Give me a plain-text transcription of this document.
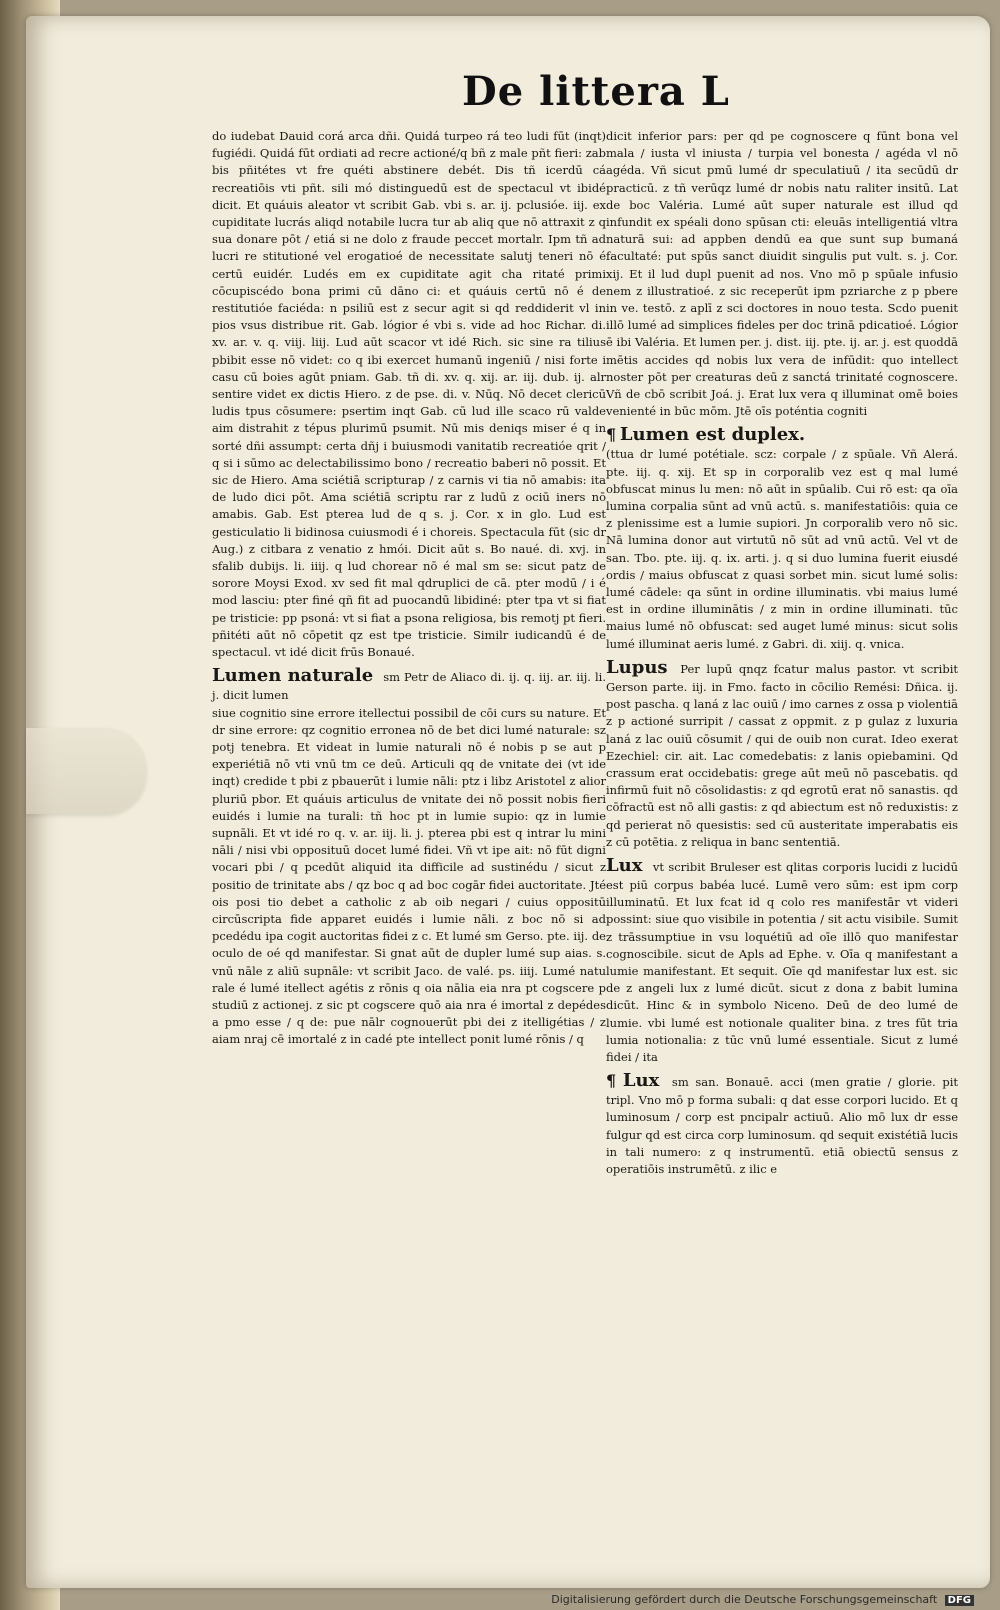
De littera L

do iudebat Dauid corá arca dñi. Quidá turpeo rá teo ludi fūt (inqt) fugiédi. Quidá fūt ordiati ad recre actioné/q bñ z male pñt fieri: zab bis pñitétes vt fre quéti abstinere debét. Dis tñ icerdū cá recreatiōis vti pñt. sili mó distinguedū est de spectacul vt ibidé dicit. Et quáuis aleator vt scribit Gab. vbi s. ar. ij. pclusióe. iij. ex cupiditate lucrás aliqd notabile lucra tur ab aliq que nō attraxit z q sua donare pōt / etiá si ne dolo z fraude peccet mortalr. Ipm tñ ad lucri re stitutioné vel erogatioé de necessitate salutj teneri nō é certū euidér. Ludés em ex cupiditate agit cha ritaté primi cōcupiscédo bona primi cū dāno ci: et quáuis certū nō é de restitutióe faciéda: n psiliū est z secur agit si qd reddiderit vl in pios vsus distribue rit. Gab. lógior é vbi s. vide ad hoc Richar. di. xv. ar. v. q. viij. liij. Lud aūt scacor vt idé Rich. sic sine ra tilius pbibit esse nō videt: co q ibi exercet humanū ingeniū / nisi forte i casu cū boies agūt pniam. Gab. tñ di. xv. q. xij. ar. iij. dub. ij. alr sentire videt ex dictis Hiero. z de pse. di. v. Nūq. Nō decet clericū ludis tpus cōsumere: psertim inqt Gab. cū lud ille scaco rū valde aim distrahit z tépus plurimū psumit. Nū mis deniqs miser é q in sorté dñi assumpt: certa dñj i buiusmodi vanitatib recreatióe qrit / q si i sūmo ac delectabilissimo bono / recreatio baberi nō possit. Et sic de Hiero. Ama sciétiā scripturap / z carnis vi tia nō amabis: ita de ludo dici pōt. Ama sciétiā scriptu rar z ludū z ociū iners nō amabis. Gab. Est pterea lud de q s. j. Cor. x in glo. Lud est gesticulatio li bidinosa cuiusmodi é i choreis. Spectacula fūt (sic dr Aug.) z citbara z venatio z hmói. Dicit aūt s. Bo naué. di. xvj. in sfalib dubijs. li. iiij. q lud chorear nō é mal sm se: sicut patz de sorore Moysi Exod. xv sed fit mal qdruplici de cā. pter modū / i é mod lasciu: pter finé qñ fit ad puocandū libidiné: pter tpa vt si fiat pe tristicie: pp psoná: vt si fiat a psona religiosa, bis remotj pt fieri. pñitéti aūt nō cōpetit qz est tpe tristicie. Similr iudicandū é de spectacul. vt idé dicit frūs Bonaué.

Lumen naturale sm Petr de Aliaco di. ij. q. iij. ar. iij. li. j. dicit lumen

siue cognitio sine errore itellectui possibil de cōi curs su nature. Et dr sine errore: qz cognitio erronea nō de bet dici lumé naturale: sz potj tenebra. Et videat in lumie naturali nō é nobis p se aut p experiétiā nō vti vnū tm ce deū. Articuli qq de vnitate dei (vt ide inqt) credide t pbi z pbauerūt i lumie nāli: ptz i libz Aristotel z alior pluriū pbor. Et quáuis articulus de vnitate dei nō possit nobis fieri euidés i lumie na turali: tñ hoc pt in lumie supio: qz in lumie supnāli. Et vt idé ro q. v. ar. iij. li. j. pterea pbi est q intrar lu mini nāli / nisi vbi opposituū docet lumé fidei. Vñ vt ipe ait: nō fūt digni vocari pbi / q pcedūt aliquid ita difficile ad sustinédu / sicut z positio de trinitate abs / qz boc q ad boc cogār fidei auctoritate. Jté ois posi tio debet a catholic z ab oib negari / cuius oppositū circūscripta fide apparet euidés i lumie nāli. z boc nō si ad pcedédu ipa cogit auctoritas fidei z c. Et lumé sm Gerso. pte. iij. de oculo de oé qd manifestar. Si gnat aūt de dupler lumé sup aias. s. vnū nāle z aliū supnāle: vt scribit Jaco. de valé. ps. iiij. Lumé natu rale é lumé itellect agétis z rōnis q oia nālia eia nra pt cogscere p studiū z actionej. z sic pt cogscere quō aia nra é imortal z depédes a pmo esse / q de: pue nālr cognouerūt pbi dei z itelligétias / z aiam nraj cē imortalé z in cadé pte intellect ponit lumé rōnis / q

dicit inferior pars: per qd pe cognoscere q fūnt bona vel mala / iusta vl iniusta / turpia vel bonesta / agéda vl nō agéda. Vñ sicut pmū lumé dr speculatiuū / ita secūdū dr practicū. z tñ verūqz lumé dr nobis natu raliter insitū. Lat de boc Valéria. Lumé aūt super naturale est illud qd infundit ex spéali dono spūsan cti: eleuās intelligentiá vltra naturā sui: ad appben dendū ea que sunt sup bumaná facultaté: put spūs sanct diuidit singulis put vult. s. j. Cor. xij. Et il lud dupl puenit ad nos. Vno mō p spūale infusio nem z illustratioé. z sic receperūt ipm pzriarche z p pbere in ve. testō. z aplī z sci doctores in nouo testa. Scdo puenit illō lumé ad simplices fideles per doc trinā pdicatioé. Lógior ē ibi Valéria. Et lumen per. j. dist. iij. pte. ij. ar. j. est quoddā mētis accides qd nobis lux vera de infūdit: quo intellect noster pōt per creaturas deū z sanctá trinitaté cognoscere. Vñ de cbō scribit Joá. j. Erat lux vera q illuminat omē boies venienté in būc mōm. Jtē oīs poténtia cogniti

¶ Lumen est duplex.

(ttua dr lumé potétiale. scz: corpale / z spūale. Vñ Alerá. pte. iij. q. xij. Et sp in corporalib vez est q mal lumé obfuscat minus lu men: nō aūt in spūalib. Cui rō est: qa oīa lumina corpalia sūnt ad vnū actū. s. manifestatiōis: quia ce z plenissime est a lumie supiori. Jn corporalib vero nō sic. Nā lumina donor aut virtutū nō sūt ad vnū actū. Vel vt de san. Tbo. pte. iij. q. ix. arti. j. q si duo lumina fuerit eiusdé ordis / maius obfuscat z quasi sorbet min. sicut lumé solis: lumé cādele: qa sūnt in ordine illuminatis. vbi maius lumé est in ordine illuminātis / z min in ordine illuminati. tūc maius lumé nō obfuscat: sed auget lumé minus: sicut solis lumé illuminat aeris lumé. z Gabri. di. xiij. q. vnica.

Lupus Per lupū qnqz fcatur malus pastor. vt scribit Gerson parte. iij. in Fmo. facto in cōcilio Remési: Dñica. ij. post pascha. q laná z lac ouiū / imo carnes z ossa p violentiā z p actioné surripit / cassat z oppmit. z p gulaz z luxuria laná z lac ouiū cōsumit / qui de ouib non curat. Ideo exerat Ezechiel: cir. ait. Lac comedebatis: z lanis opiebamini. Qd crassum erat occidebatis: grege aūt meū nō pascebatis. qd infirmū fuit nō cōsolidastis: z qd egrotū erat nō sanastis. qd cōfractū est nō alli gastis: z qd abiectum est nō reduxistis: z qd perierat nō quesistis: sed cū austeritate imperabatis eis z cū potētia. z reliqua in banc sententiā.

Lux vt scribit Bruleser est qlitas corporis lucidi z lucidū est piū corpus babéa lucé. Lumē vero sūm: est ipm corp illuminatū. Et lux fcat id q colo res manifestār vt videri possint: siue quo visibile in potentia / sit actu visibile. Sumit z trāssumptiue in vsu loquétiū ad oīe illō quo manifestar cognoscibile. sicut de Apls ad Ephe. v. Oīa q manifestant a lumie manifestant. Et sequit. Oīe qd manifestar lux est. sic de z angeli lux z lumé dicūt. sicut z dona z babit lumina dicūt. Hinc & in symbolo Niceno. Deū de deo lumé de lumie. vbi lumé est notionale qualiter bina. z tres fūt tria lumia notionalia: z tūc vnū lumé essentiale. Sicut z lumé fidei / ita

¶ Lux sm san. Bonauē. acci (men gratie / glorie. pit tripl. Vno mō p forma subali: q dat esse corpori lucido. Et q luminosum / corp est pncipalr actiuū. Alio mō lux dr esse fulgur qd est circa corp luminosum. qd sequit existétiā lucis in tali numero: z q instrumentū. etiā obiectū sensus z operatiōis instrumētū. z ilic e

Digitalisierung gefördert durch die Deutsche Forschungsgemeinschaft DFG
